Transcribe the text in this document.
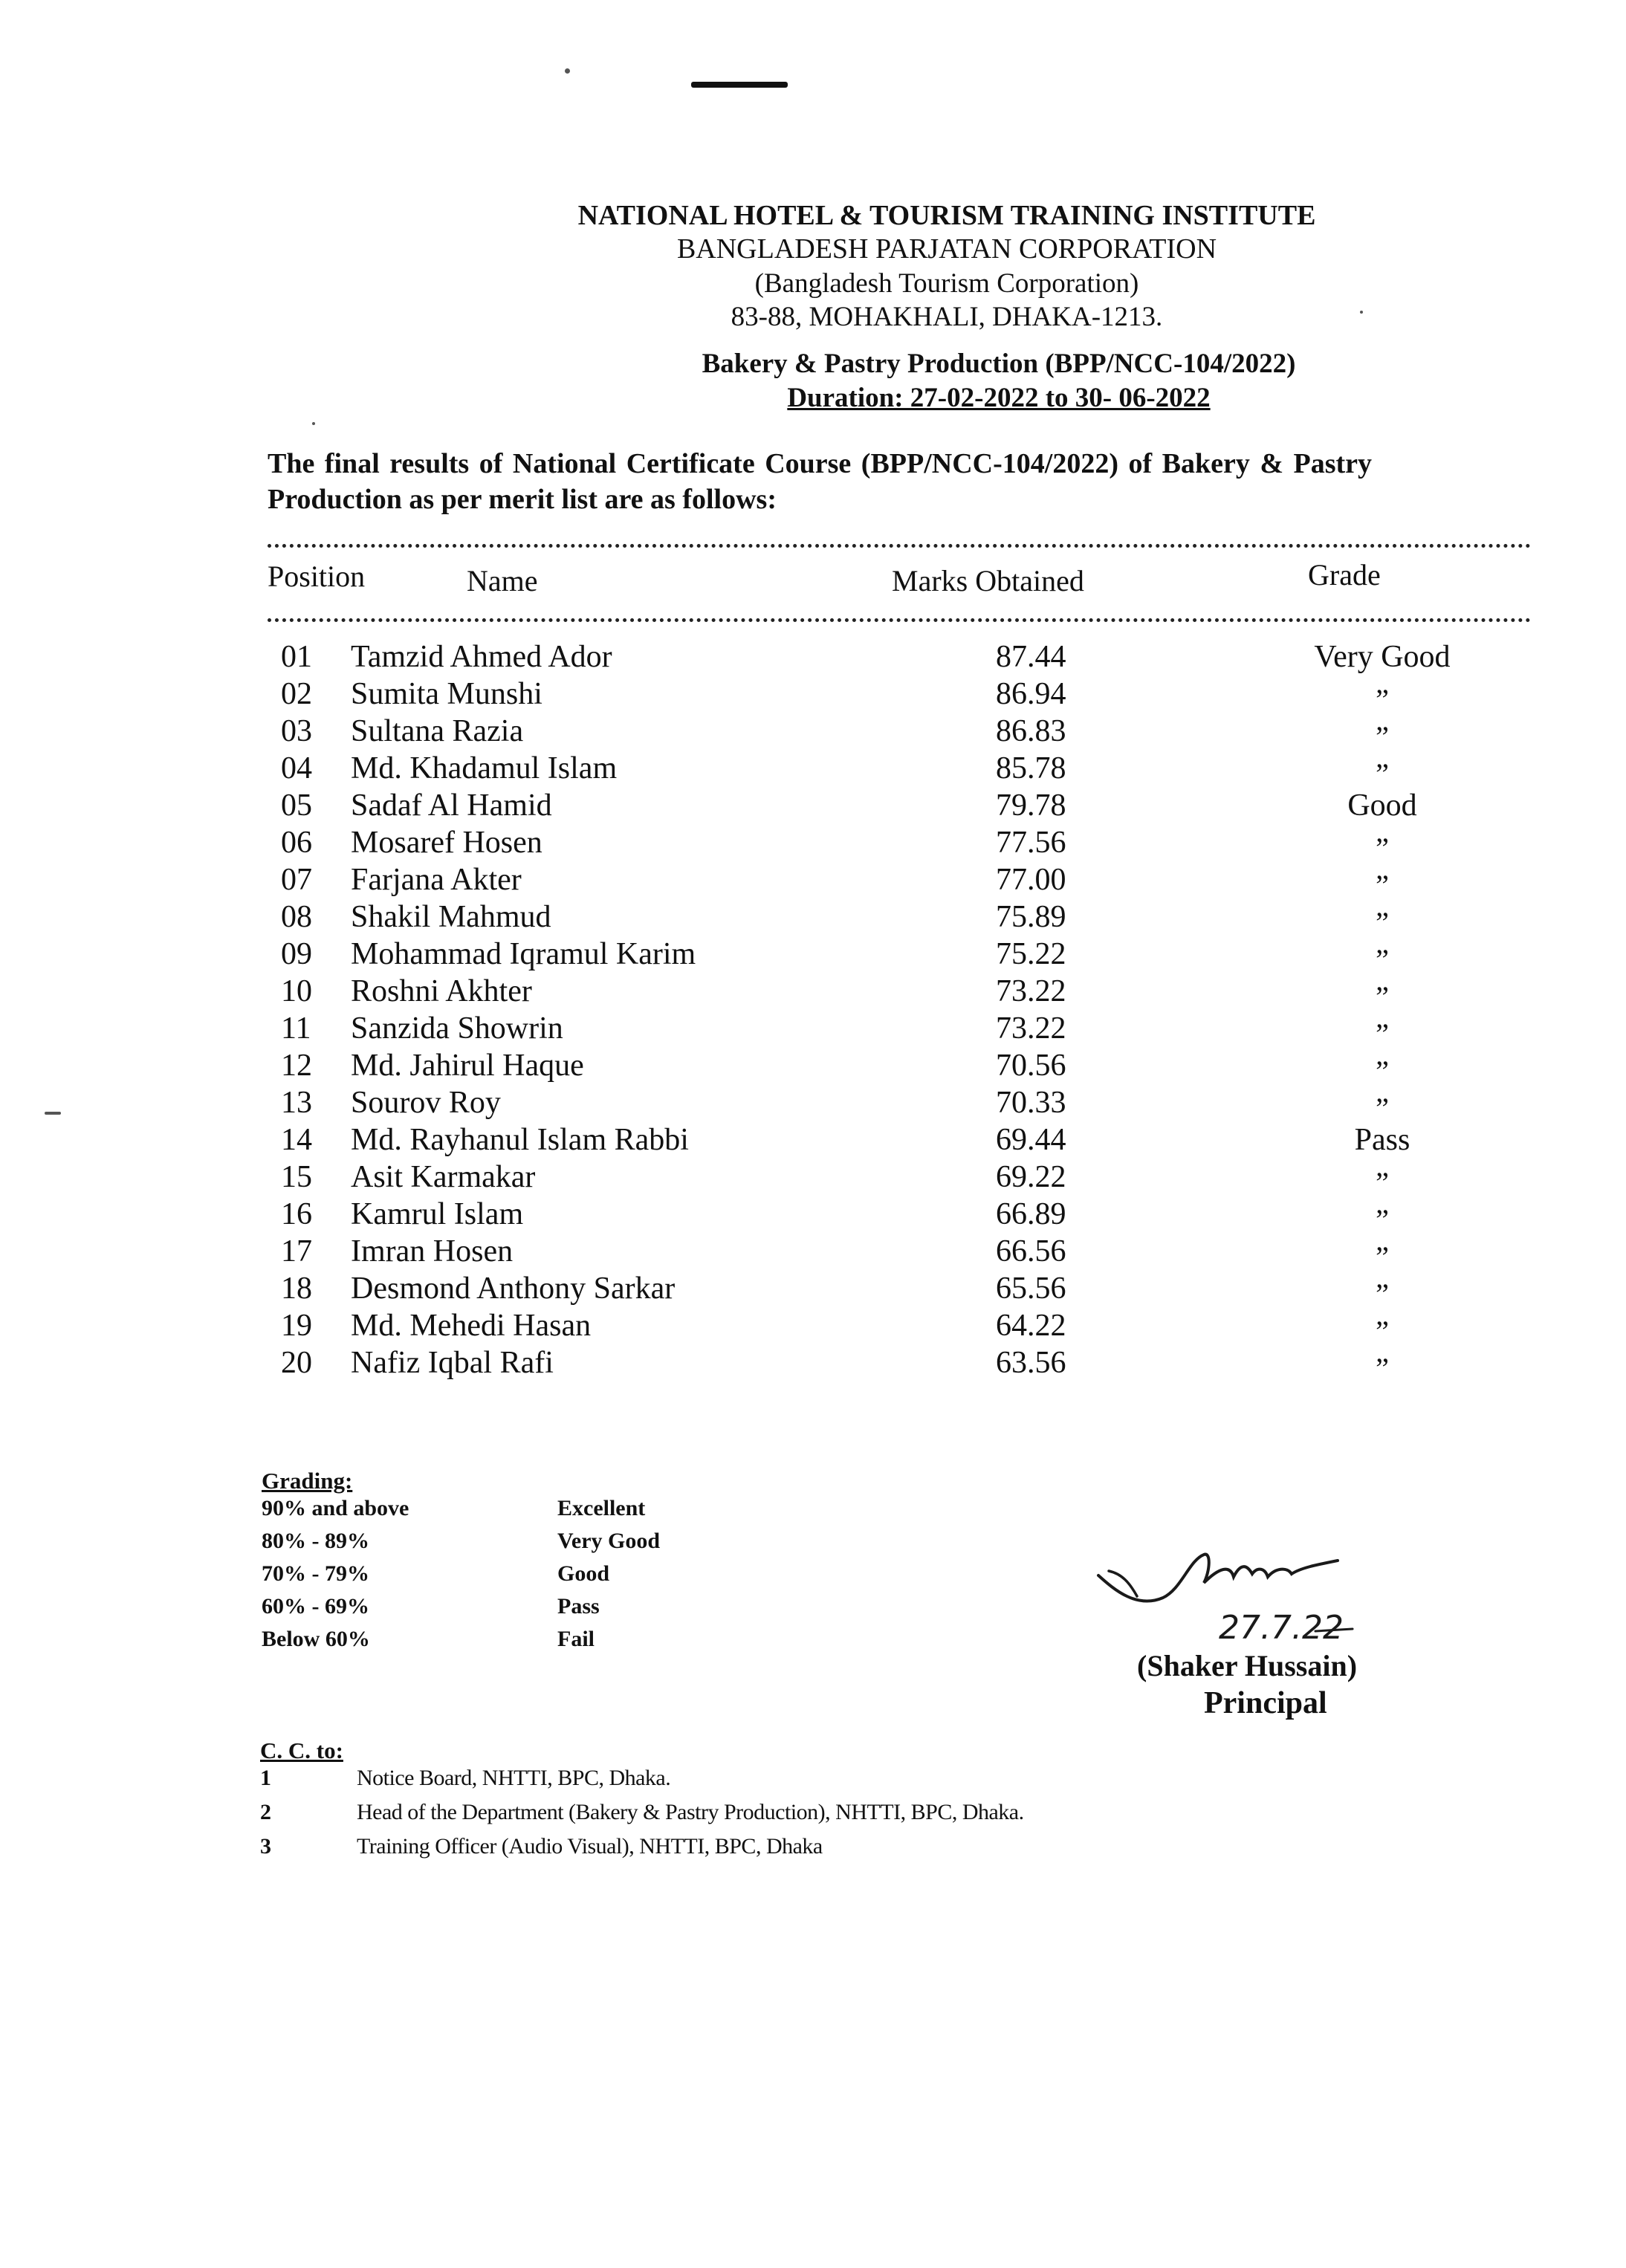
NATIONAL HOTEL & TOURISM TRAINING INSTITUTE
BANGLADESH PARJATAN CORPORATION
(Bangladesh Tourism Corporation)
83-88, MOHAKHALI, DHAKA-1213.
Bakery & Pastry Production (BPP/NCC-104/2022)
Duration: 27-02-2022 to 30- 06-2022
The final results of National Certificate Course (BPP/NCC-104/2022) of Bakery & Pastry
Production as per merit list are as follows:
Position	Name	Marks Obtained	Grade
01 Tamzid Ahmed Ador	87.44	Very Good
02 Sumita Munshi	86.94	”
03 Sultana Razia	86.83	”
04 Md. Khadamul Islam	85.78	”
05 Sadaf Al Hamid	79.78	Good
06 Mosaref Hosen	77.56	”
07 Farjana Akter	77.00	”
08 Shakil Mahmud	75.89	”
09 Mohammad Iqramul Karim	75.22	”
10 Roshni Akhter	73.22	”
11 Sanzida Showrin	73.22	”
12 Md. Jahirul Haque	70.56	”
13 Sourov Roy	70.33	”
14 Md. Rayhanul Islam Rabbi	69.44	Pass
15 Asit Karmakar	69.22	”
16 Kamrul Islam	66.89	”
17 Imran Hosen	66.56	”
18 Desmond Anthony Sarkar	65.56	”
19 Md. Mehedi Hasan	64.22	”
20 Nafiz Iqbal Rafi	63.56	”
Grading:
90% and above	Excellent
80% - 89%	Very Good
70% - 79%	Good
60% - 69%	Pass
Below 60%	Fail	27.7.22
(Shaker Hussain)
Principal
C. C. to:
1	Notice Board, NHTTI, BPC, Dhaka.
2	Head of the Department (Bakery & Pastry Production), NHTTI, BPC, Dhaka.
3	Training Officer (Audio Visual), NHTTI, BPC, Dhaka
